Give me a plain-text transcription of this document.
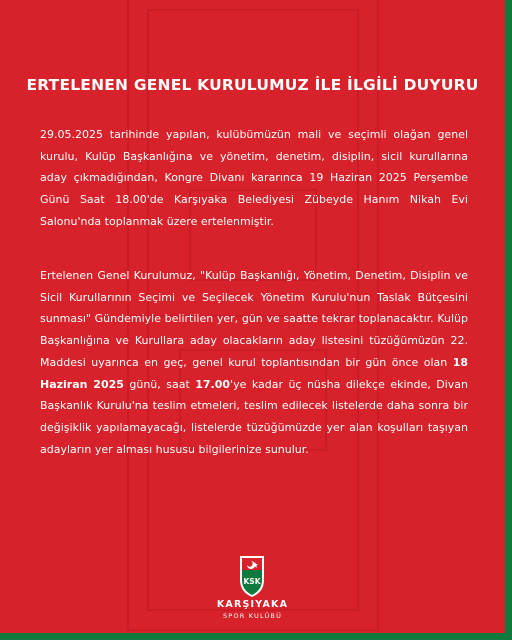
ERTELENEN GENEL KURULUMUZ İLE İLGİLİ DUYURU

29.05.2025 tarihinde yapılan, kulübümüzün mali ve seçimli olağan genel kurulu, Kulüp Başkanlığına ve yönetim, denetim, disiplin, sicil kurullarına aday çıkmadığından, Kongre Divanı kararınca 19 Haziran 2025 Perşembe Günü Saat 18.00'de Karşıyaka Belediyesi Zübeyde Hanım Nikah Evi Salonu'nda toplanmak üzere ertelenmiştir.

Ertelenen Genel Kurulumuz, "Kulüp Başkanlığı, Yönetim, Denetim, Disiplin ve Sicil Kurullarının Seçimi ve Seçilecek Yönetim Kurulu'nun Taslak Bütçesini sunması" Gündemiyle belirtilen yer, gün ve saatte tekrar toplanacaktır. Kulüp Başkanlığına ve Kurullara aday olacakların aday listesini tüzüğümüzün 22. Maddesi uyarınca en geç, genel kurul toplantısından bir gün önce olan 18 Haziran 2025 günü, saat 17.00'ye kadar üç nüsha dilekçe ekinde, Divan Başkanlık Kurulu'na teslim etmeleri, teslim edilecek listelerde daha sonra bir değişiklik yapılamayacağı, listelerde tüzüğümüzde yer alan koşulları taşıyan adayların yer alması hususu bilgilerinize sunulur.

KSK
KARŞIYAKA
SPOR KULÜBÜ
